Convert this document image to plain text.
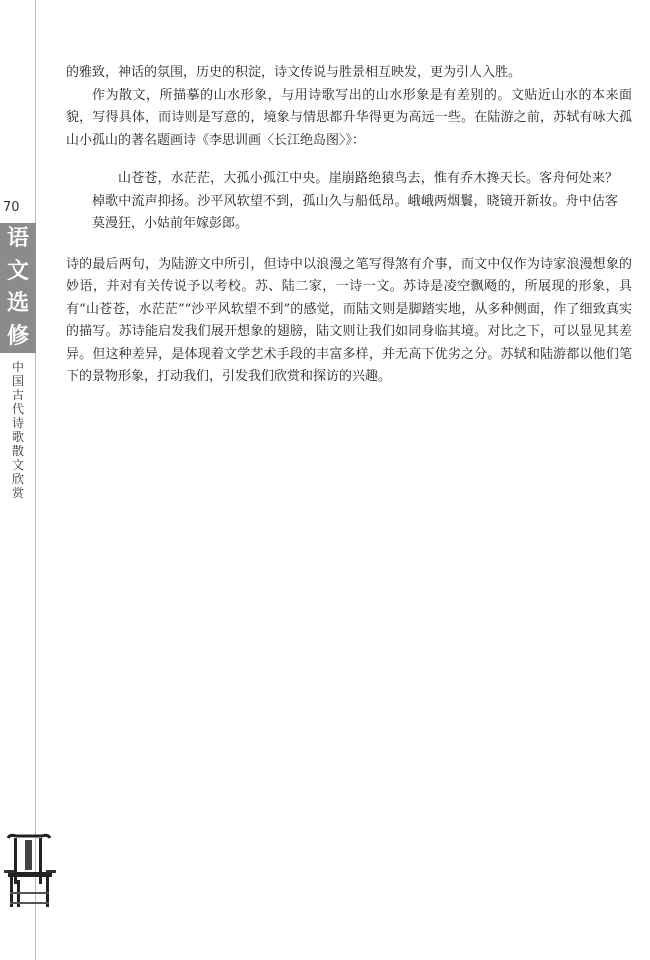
70
语
文
选
修
中国古代诗歌散文欣赏

的雅致，神话的氛围，历史的积淀，诗文传说与胜景相互映发，更为引人入胜。

作为散文，所描摹的山水形象，与用诗歌写出的山水形象是有差别的。文贴近山水的本来面貌，写得具体，而诗则是写意的，境象与情思都升华得更为高远一些。在陆游之前，苏轼有咏大孤山小孤山的著名题画诗《李思训画〈长江绝岛图〉》：

山苍苍，水茫茫，大孤小孤江中央。崖崩路绝猿鸟去，惟有乔木搀天长。客舟何处来？棹歌中流声抑扬。沙平风软望不到，孤山久与船低昂。峨峨两烟鬟，晓镜开新妆。舟中估客莫漫狂，小姑前年嫁彭郎。

诗的最后两句，为陆游文中所引，但诗中以浪漫之笔写得煞有介事，而文中仅作为诗家浪漫想象的妙语，并对有关传说予以考校。苏、陆二家，一诗一文。苏诗是凌空飘飏的，所展现的形象，具有“山苍苍，水茫茫”“沙平风软望不到”的感觉，而陆文则是脚踏实地，从多种侧面，作了细致真实的描写。苏诗能启发我们展开想象的翅膀，陆文则让我们如同身临其境。对比之下，可以显见其差异。但这种差异，是体现着文学艺术手段的丰富多样，并无高下优劣之分。苏轼和陆游都以他们笔下的景物形象，打动我们，引发我们欣赏和探访的兴趣。
